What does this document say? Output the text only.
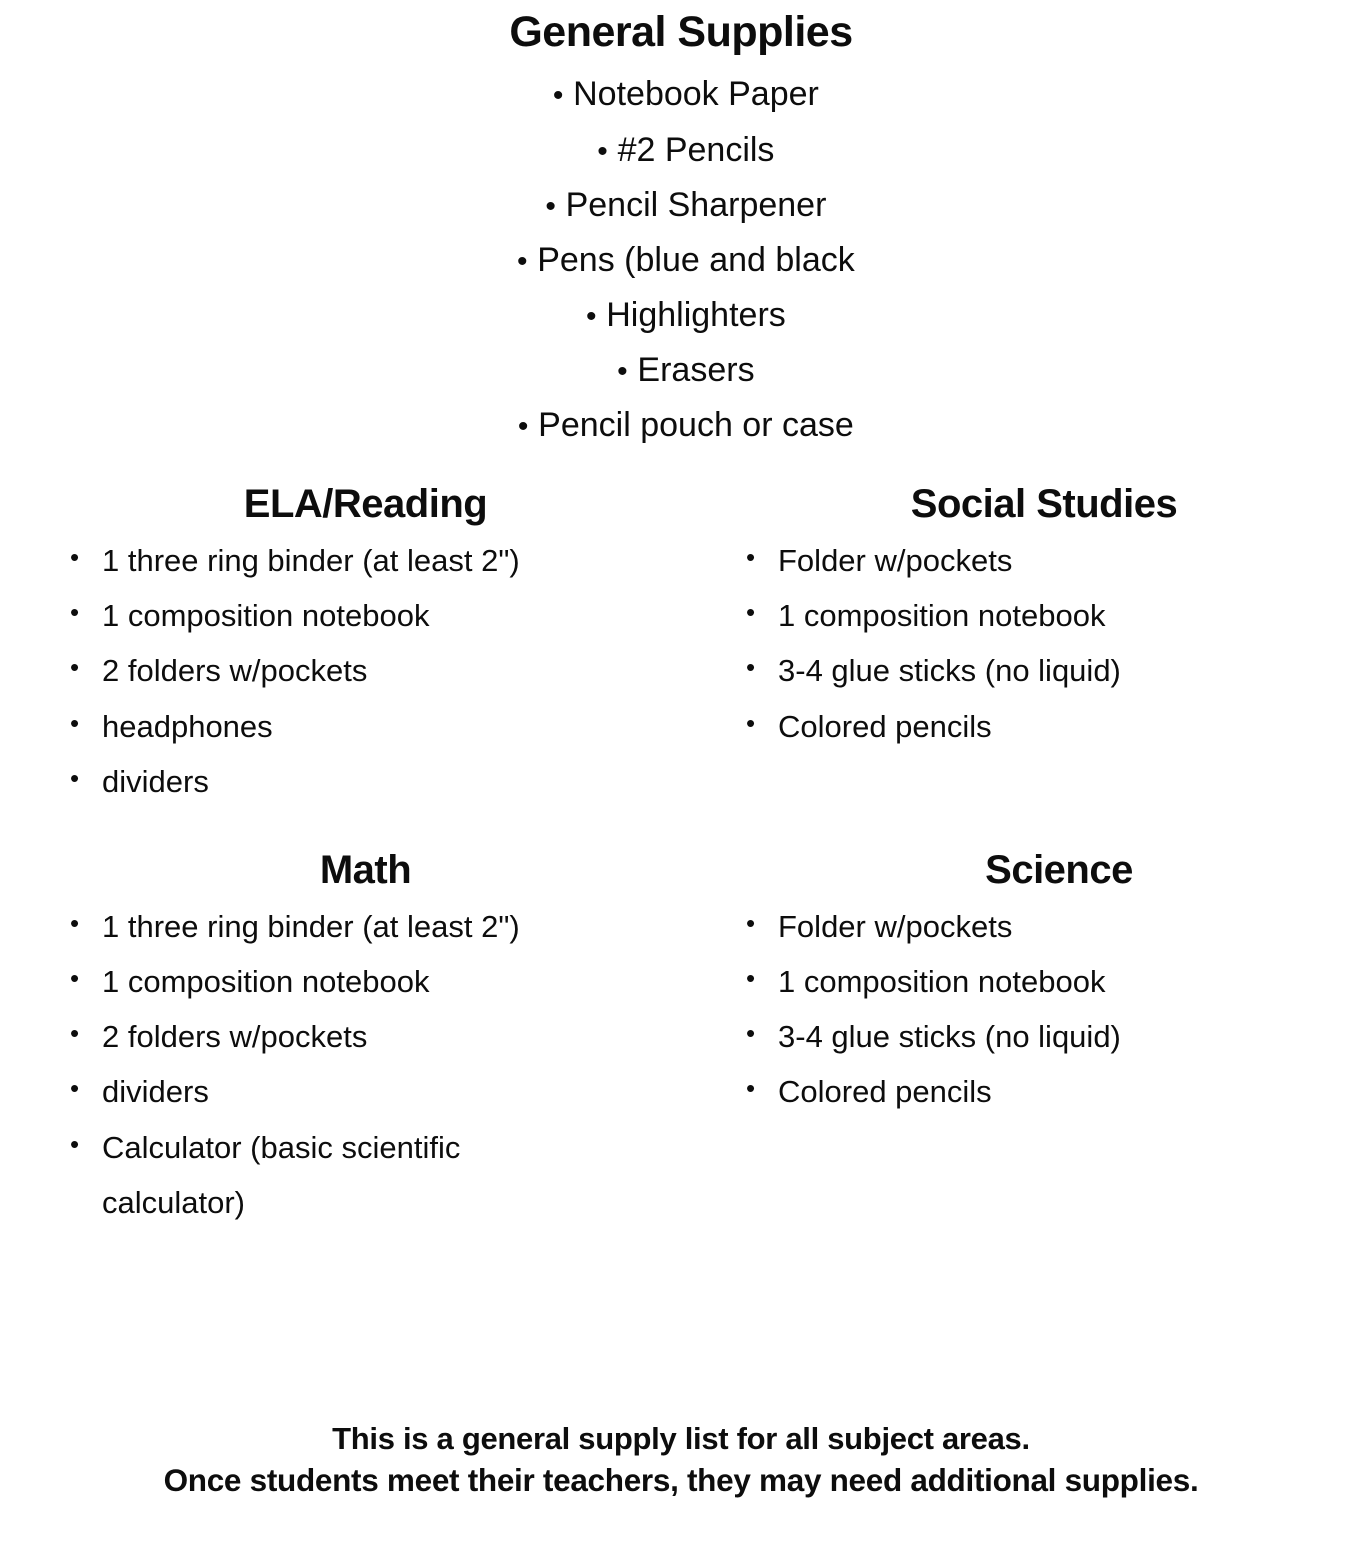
General Supplies
• Notebook Paper
• #2 Pencils
• Pencil Sharpener
• Pens (blue and black
• Highlighters
• Erasers
• Pencil pouch or case
ELA/Reading
• 1 three ring binder (at least 2")
• 1 composition notebook
• 2 folders w/pockets
• headphones
• dividers
Social Studies
• Folder w/pockets
• 1 composition notebook
• 3-4 glue sticks (no liquid)
• Colored pencils
Math
• 1 three ring binder (at least 2")
• 1 composition notebook
• 2 folders w/pockets
• dividers
• Calculator (basic scientific calculator)
Science
• Folder w/pockets
• 1 composition notebook
• 3-4 glue sticks (no liquid)
• Colored pencils
This is a general supply list for all subject areas.
Once students meet their teachers, they may need additional supplies.
